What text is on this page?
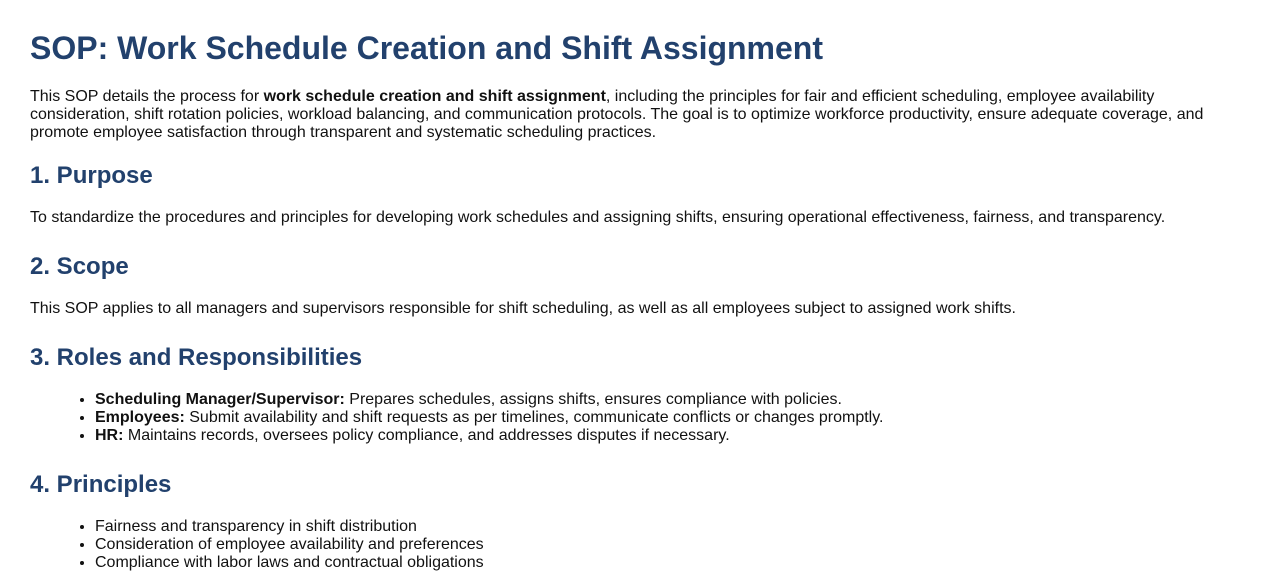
SOP: Work Schedule Creation and Shift Assignment

This SOP details the process for work schedule creation and shift assignment, including the principles for fair and efficient scheduling, employee availability consideration, shift rotation policies, workload balancing, and communication protocols. The goal is to optimize workforce productivity, ensure adequate coverage, and promote employee satisfaction through transparent and systematic scheduling practices.

1. Purpose

To standardize the procedures and principles for developing work schedules and assigning shifts, ensuring operational effectiveness, fairness, and transparency.

2. Scope

This SOP applies to all managers and supervisors responsible for shift scheduling, as well as all employees subject to assigned work shifts.

3. Roles and Responsibilities
• Scheduling Manager/Supervisor: Prepares schedules, assigns shifts, ensures compliance with policies.
• Employees: Submit availability and shift requests as per timelines, communicate conflicts or changes promptly.
• HR: Maintains records, oversees policy compliance, and addresses disputes if necessary.
4. Principles
• Fairness and transparency in shift distribution
• Consideration of employee availability and preferences
• Compliance with labor laws and contractual obligations
